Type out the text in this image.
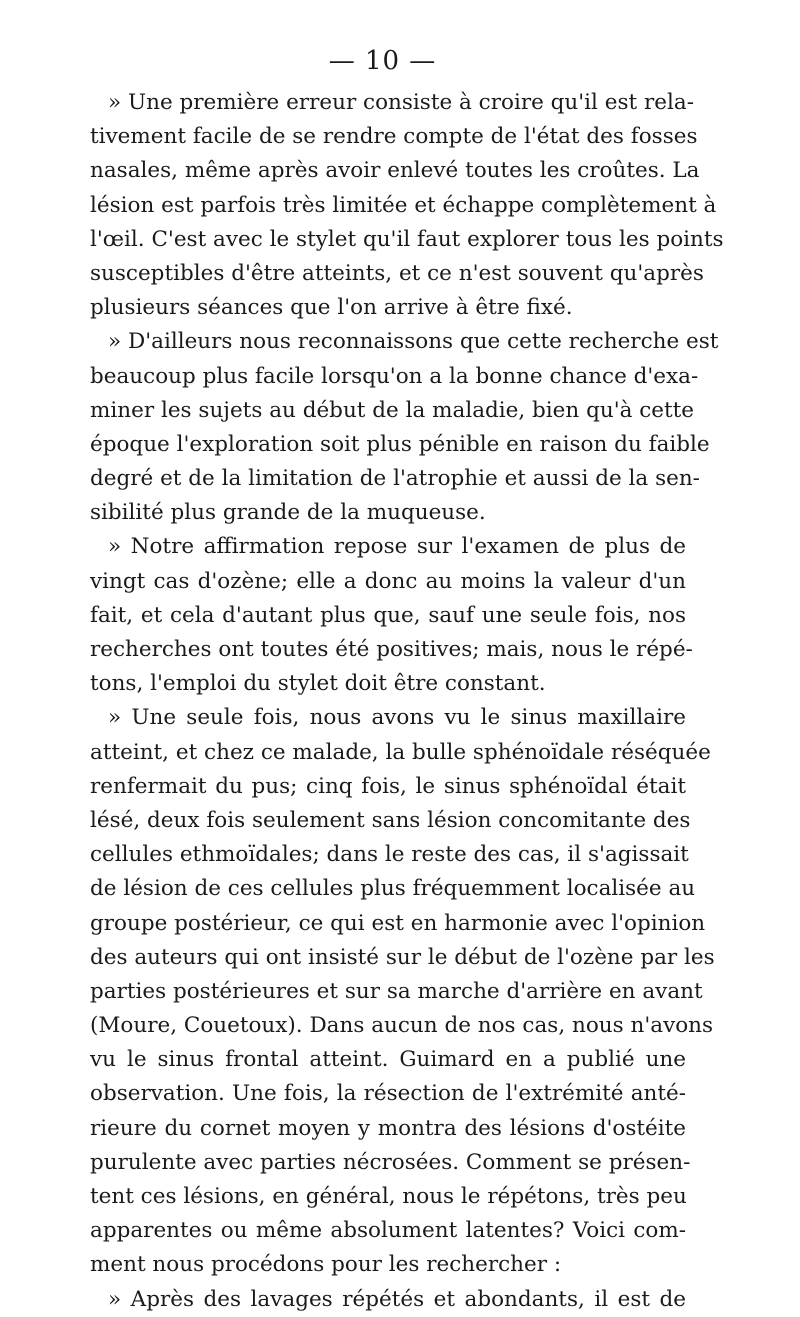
— 10 —
» Une première erreur consiste à croire qu'il est rela-
tivement facile de se rendre compte de l'état des fosses
nasales, même après avoir enlevé toutes les croûtes. La
lésion est parfois très limitée et échappe complètement à
l'œil. C'est avec le stylet qu'il faut explorer tous les points
susceptibles d'être atteints, et ce n'est souvent qu'après
plusieurs séances que l'on arrive à être fixé.
» D'ailleurs nous reconnaissons que cette recherche est
beaucoup plus facile lorsqu'on a la bonne chance d'exa-
miner les sujets au début de la maladie, bien qu'à cette
époque l'exploration soit plus pénible en raison du faible
degré et de la limitation de l'atrophie et aussi de la sen-
sibilité plus grande de la muqueuse.
» Notre affirmation repose sur l'examen de plus de
vingt cas d'ozène; elle a donc au moins la valeur d'un
fait, et cela d'autant plus que, sauf une seule fois, nos
recherches ont toutes été positives; mais, nous le répé-
tons, l'emploi du stylet doit être constant.
» Une seule fois, nous avons vu le sinus maxillaire
atteint, et chez ce malade, la bulle sphénoïdale réséquée
renfermait du pus; cinq fois, le sinus sphénoïdal était
lésé, deux fois seulement sans lésion concomitante des
cellules ethmoïdales; dans le reste des cas, il s'agissait
de lésion de ces cellules plus fréquemment localisée au
groupe postérieur, ce qui est en harmonie avec l'opinion
des auteurs qui ont insisté sur le début de l'ozène par les
parties postérieures et sur sa marche d'arrière en avant
(Moure, Couetoux). Dans aucun de nos cas, nous n'avons
vu le sinus frontal atteint. Guimard en a publié une
observation. Une fois, la résection de l'extrémité anté-
rieure du cornet moyen y montra des lésions d'ostéite
purulente avec parties nécrosées. Comment se présen-
tent ces lésions, en général, nous le répétons, très peu
apparentes ou même absolument latentes? Voici com-
ment nous procédons pour les rechercher :
» Après des lavages répétés et abondants, il est de
